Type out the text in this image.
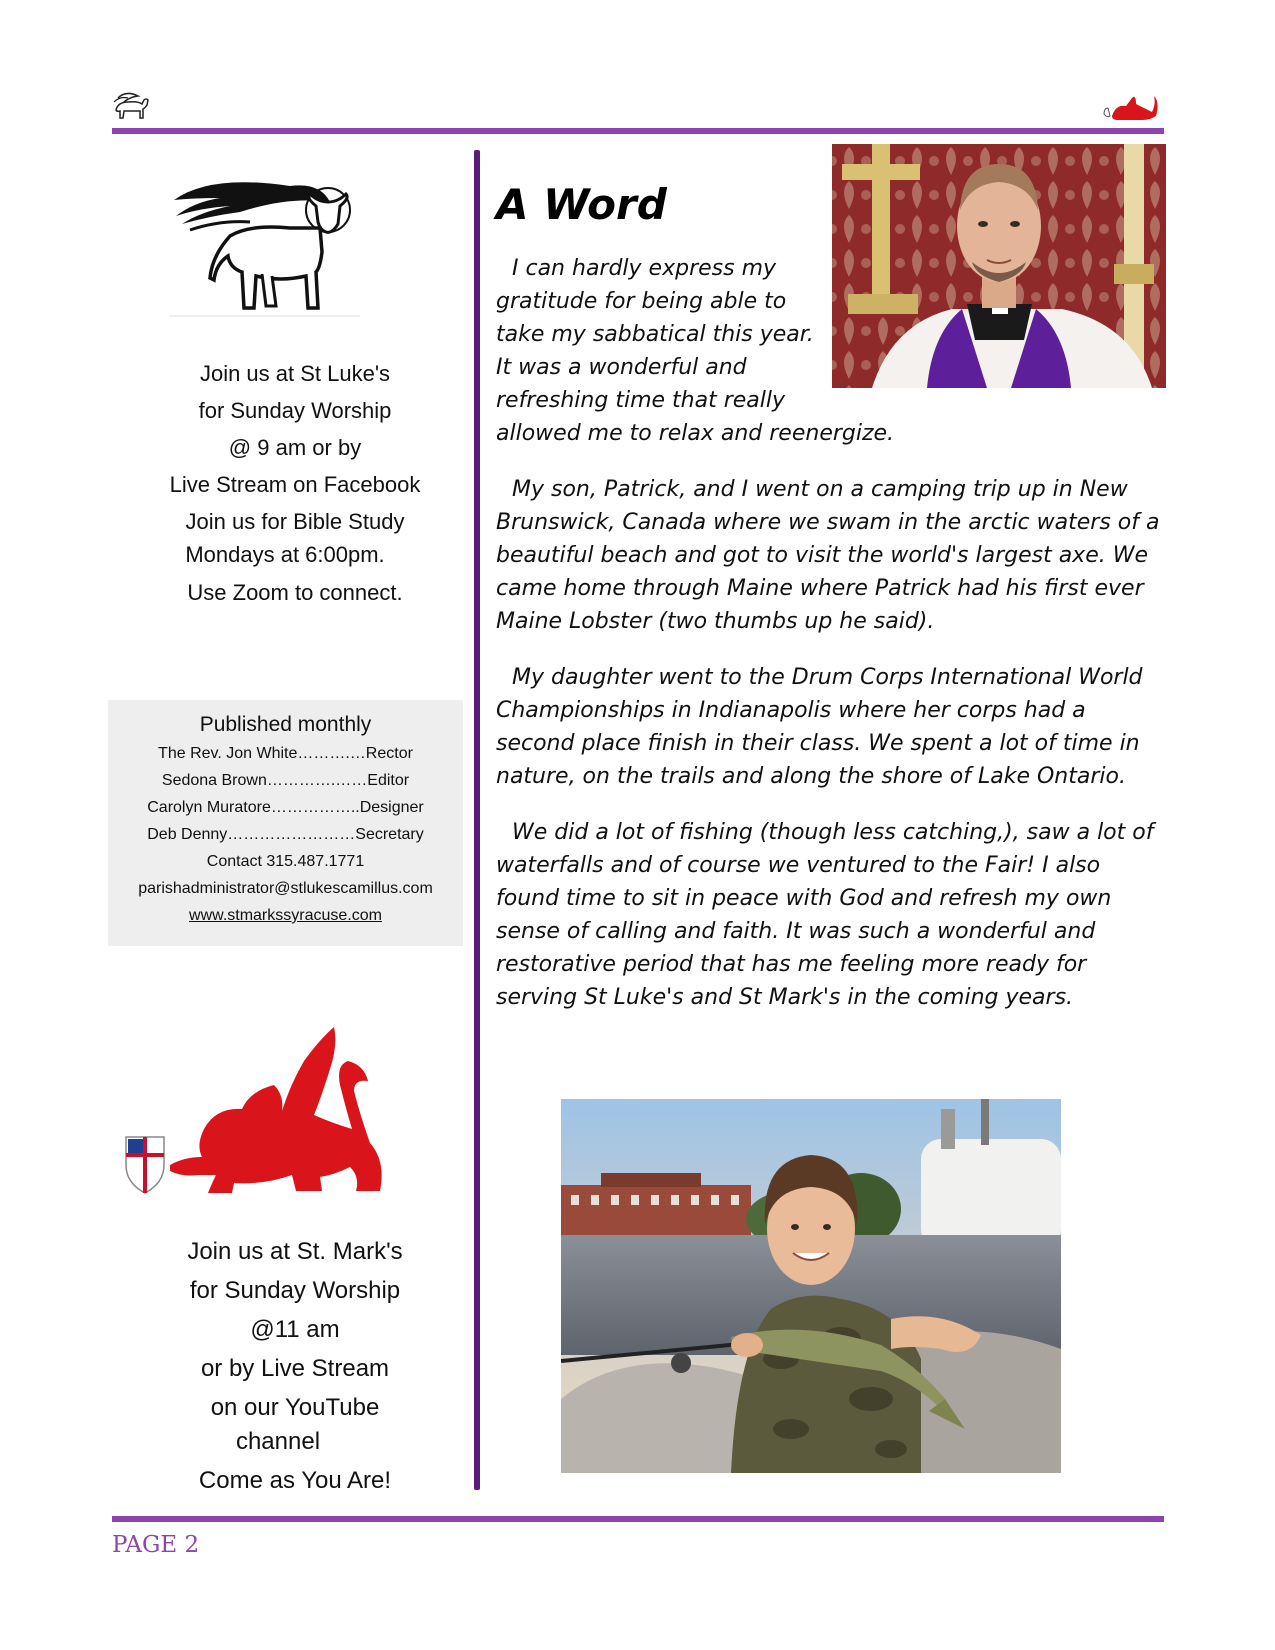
Join us at St Luke's
for Sunday Worship
@ 9 am or by
Live Stream on Facebook
Join us for Bible Study
Mondays at 6:00pm.
Use Zoom to connect.
Published monthly
The Rev. Jon White……….…Rector
Sedona Brown………….……Editor
Carolyn Muratore……………..Designer
Deb Denny……………………Secretary
Contact 315.487.1771
parishadministrator@stlukescamillus.com
www.stmarkssyracuse.com
Join us at St. Mark's
for Sunday Worship
@11 am
or by Live Stream
on our YouTube
channel
Come as You Are!
A Word
I can hardly express my
gratitude for being able to
take my sabbatical this year.
It was a wonderful and
refreshing time that really

allowed me to relax and reenergize.

My son, Patrick, and I went on a camping trip up in New Brunswick, Canada where we swam in the arctic waters of a beautiful beach and got to visit the world's largest axe. We came home through Maine where Patrick had his first ever Maine Lobster (two thumbs up he said).

My daughter went to the Drum Corps International World Championships in Indianapolis where her corps had a second place finish in their class. We spent a lot of time in nature, on the trails and along the shore of Lake Ontario.

We did a lot of fishing (though less catching,), saw a lot of waterfalls and of course we ventured to the Fair! I also found time to sit in peace with God and refresh my own sense of calling and faith. It was such a wonderful and restorative period that has me feeling more ready for serving St Luke's and St Mark's in the coming years.

PAGE 2
